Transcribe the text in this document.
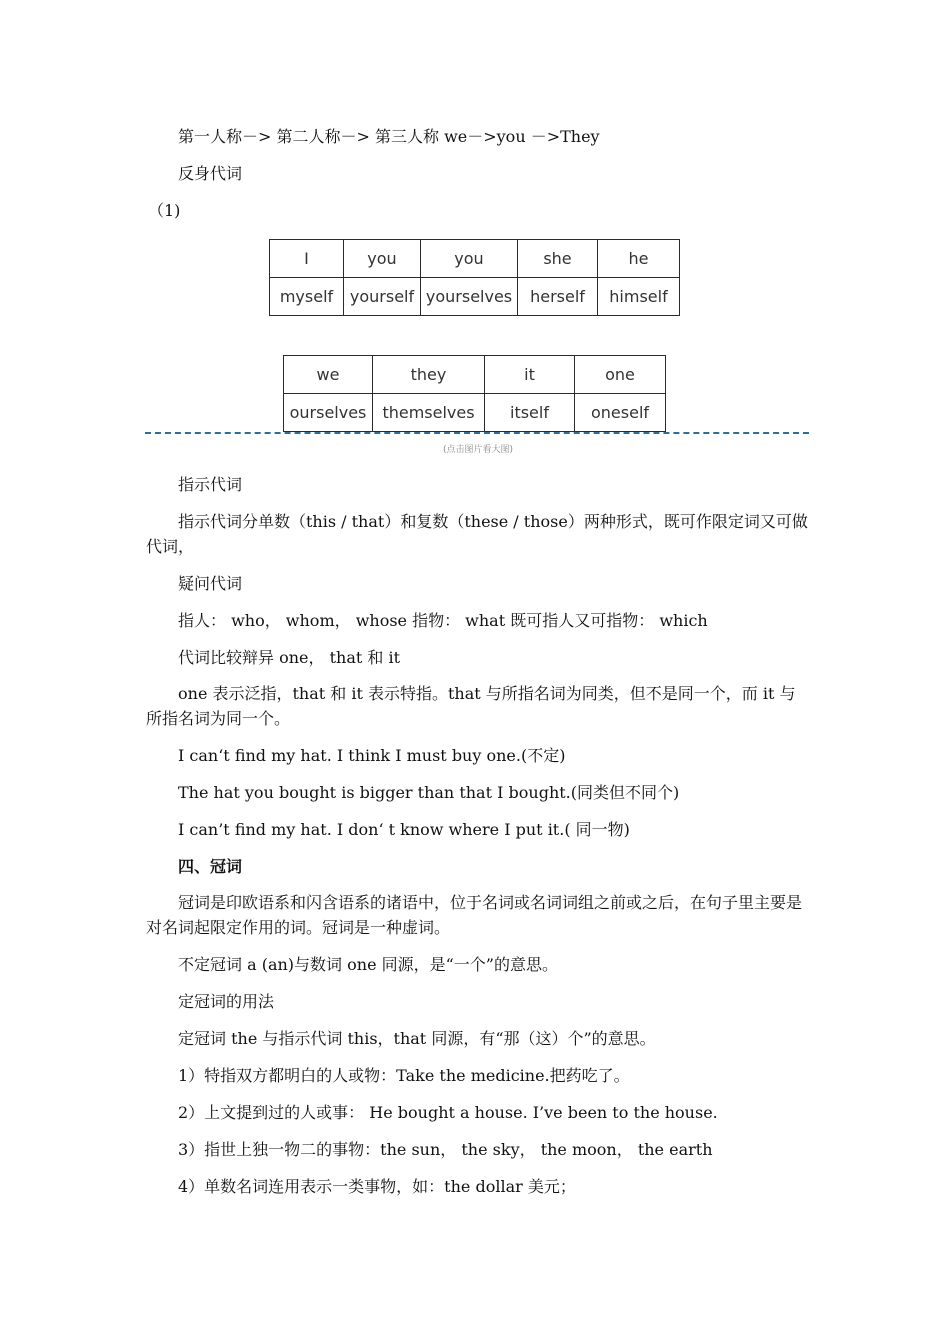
第一人称－> 第二人称－> 第三人称 we－>you －>They

反身代词

（1)

I	you	you	she	he
myself	yourself	yourselves	herself	himself
we	they	it	one
ourselves	themselves	itself	oneself
(点击图片看大图)

指示代词

指示代词分单数（this / that）和复数（these / those）两种形式，既可作限定词又可做代词，

疑问代词

指人： who， whom， whose 指物： what 既可指人又可指物： which

代词比较辩异 one， that 和 it

one 表示泛指，that 和 it 表示特指。that 与所指名词为同类，但不是同一个，而 it 与所指名词为同一个。

I can‘t find my hat. I think I must buy one.(不定)

The hat you bought is bigger than that I bought.(同类但不同个)

I can’t find my hat. I don‘ t know where I put it.( 同一物)

四、冠词

冠词是印欧语系和闪含语系的诸语中，位于名词或名词词组之前或之后，在句子里主要是对名词起限定作用的词。冠词是一种虚词。

不定冠词 a (an)与数词 one 同源，是“一个”的意思。

定冠词的用法

定冠词 the 与指示代词 this，that 同源，有“那（这）个”的意思。

1）特指双方都明白的人或物：Take the medicine.把药吃了。

2）上文提到过的人或事： He bought a house. I’ve been to the house.

3）指世上独一物二的事物：the sun， the sky， the moon， the earth

4）单数名词连用表示一类事物，如：the dollar 美元；
